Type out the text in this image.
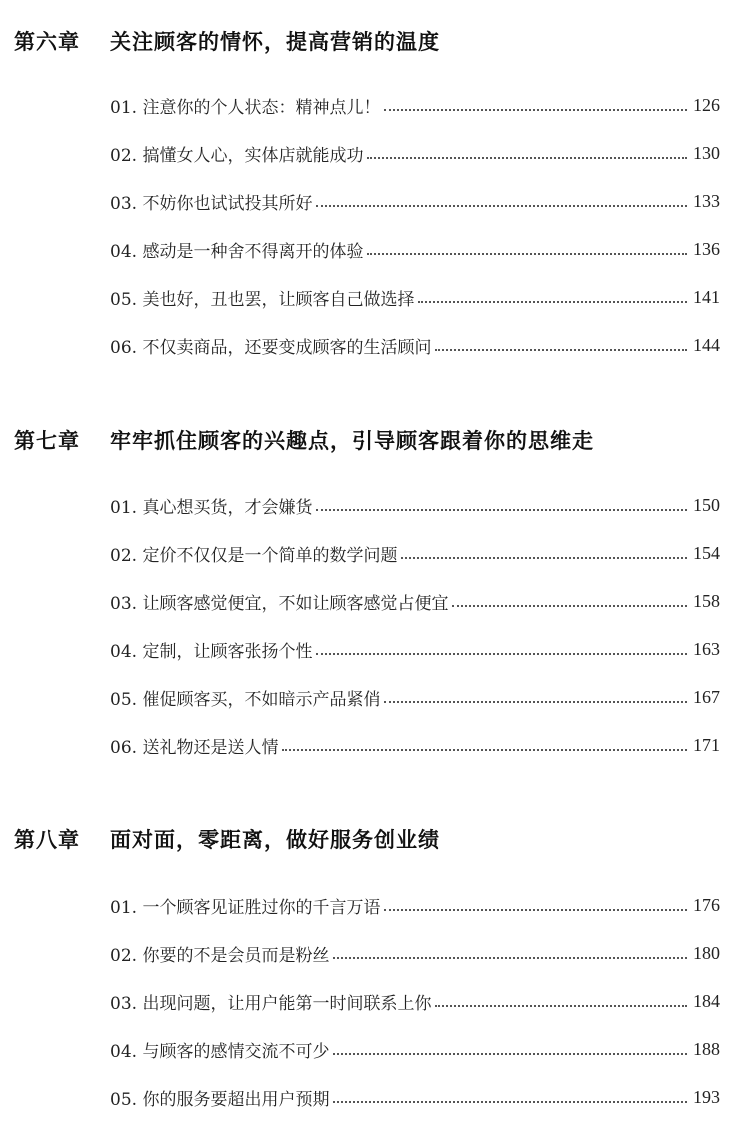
第六章	关注顾客的情怀，提高营销的温度
01. 注意你的个人状态：精神点儿！	126
02. 搞懂女人心，实体店就能成功	130
03. 不妨你也试试投其所好	133
04. 感动是一种舍不得离开的体验	136
05. 美也好，丑也罢，让顾客自己做选择	141
06. 不仅卖商品，还要变成顾客的生活顾问	144
第七章	牢牢抓住顾客的兴趣点，引导顾客跟着你的思维走
01. 真心想买货，才会嫌货	150
02. 定价不仅仅是一个简单的数学问题	154
03. 让顾客感觉便宜，不如让顾客感觉占便宜	158
04. 定制，让顾客张扬个性	163
05. 催促顾客买，不如暗示产品紧俏	167
06. 送礼物还是送人情	171
第八章	面对面，零距离，做好服务创业绩
01. 一个顾客见证胜过你的千言万语	176
02. 你要的不是会员而是粉丝	180
03. 出现问题，让用户能第一时间联系上你	184
04. 与顾客的感情交流不可少	188
05. 你的服务要超出用户预期	193
